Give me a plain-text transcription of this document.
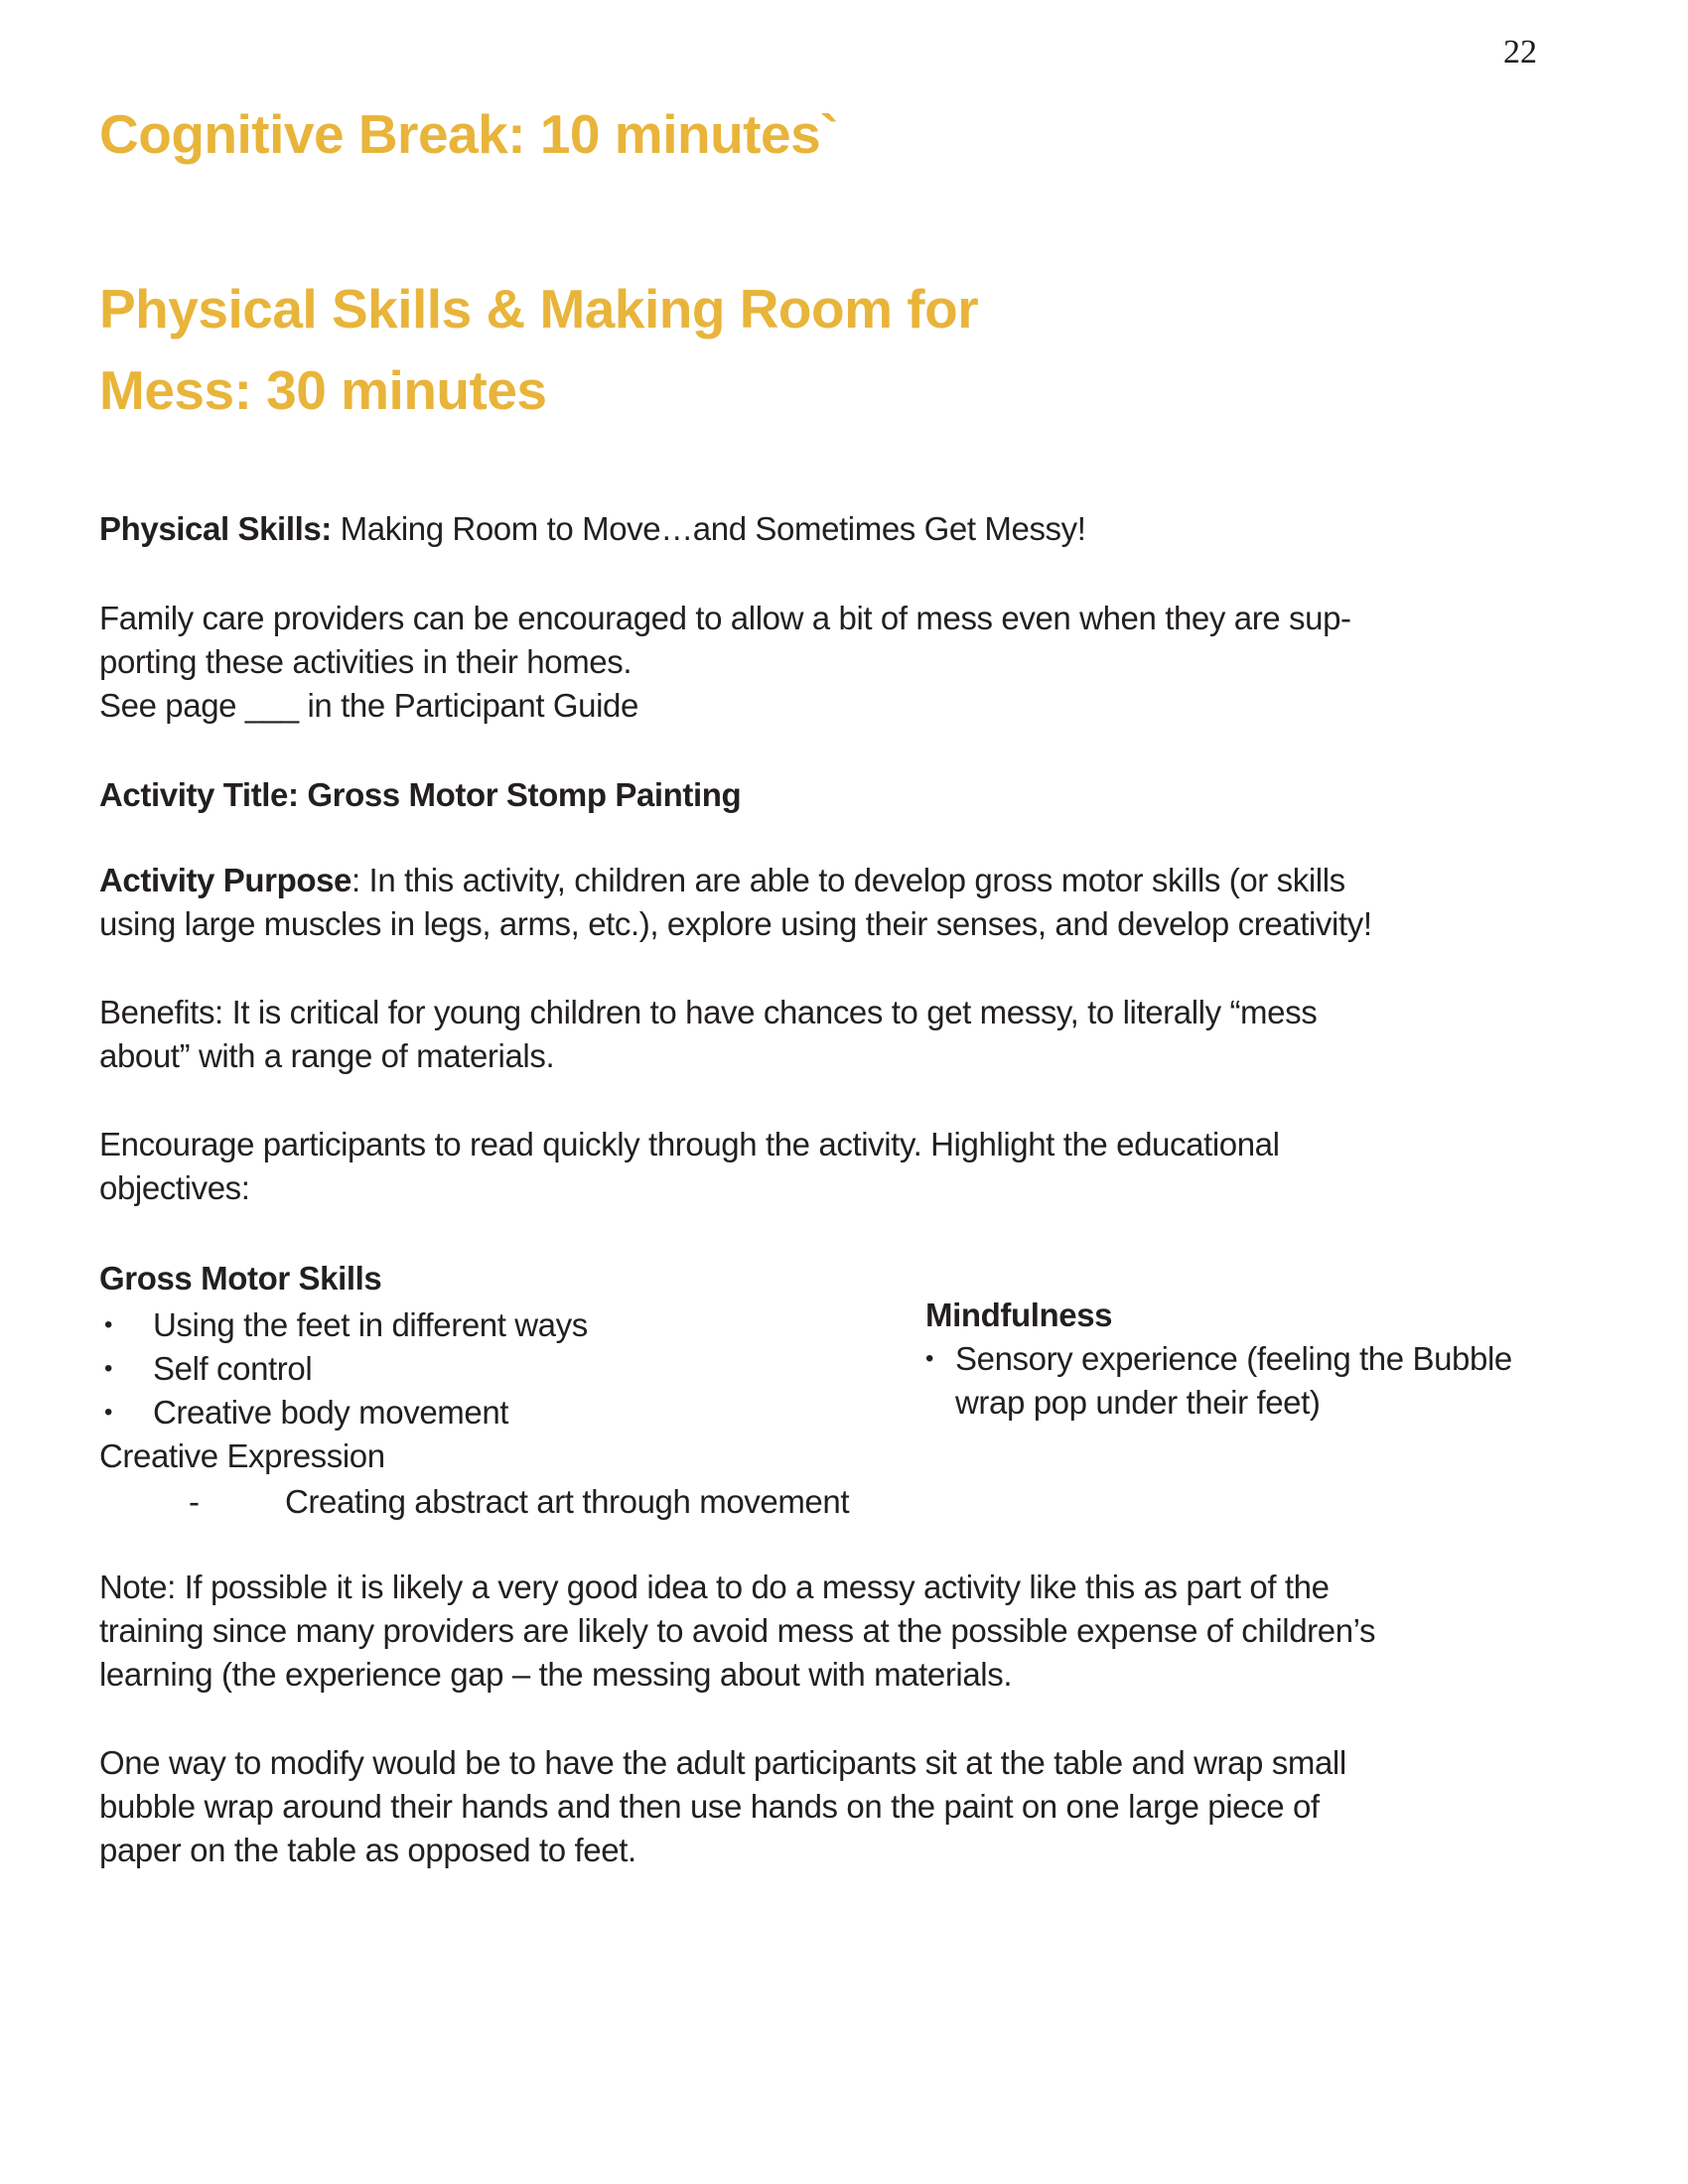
22
Cognitive Break: 10 minutes`
Physical Skills & Making Room for
Mess: 30 minutes
Physical Skills: Making Room to Move…and Sometimes Get Messy!
Family care providers can be encouraged to allow a bit of mess even when they are sup-
porting these activities in their homes.
See page ___ in the Participant Guide
Activity Title: Gross Motor Stomp Painting
Activity Purpose: In this activity, children are able to develop gross motor skills (or skills
using large muscles in legs, arms, etc.), explore using their senses, and develop creativity!
Benefits: It is critical for young children to have chances to get messy, to literally “mess
about” with a range of materials.
Encourage participants to read quickly through the activity. Highlight the educational
objectives:
Gross Motor Skills
•	Using the feet in different ways
•	Self control
•	Creative body movement
Creative Expression
-	Creating abstract art through movement
Mindfulness
• Sensory experience (feeling the Bubble
wrap pop under their feet)
Note: If possible it is likely a very good idea to do a messy activity like this as part of the
training since many providers are likely to avoid mess at the possible expense of children’s
learning (the experience gap – the messing about with materials.
One way to modify would be to have the adult participants sit at the table and wrap small
bubble wrap around their hands and then use hands on the paint on one large piece of
paper on the table as opposed to feet.
